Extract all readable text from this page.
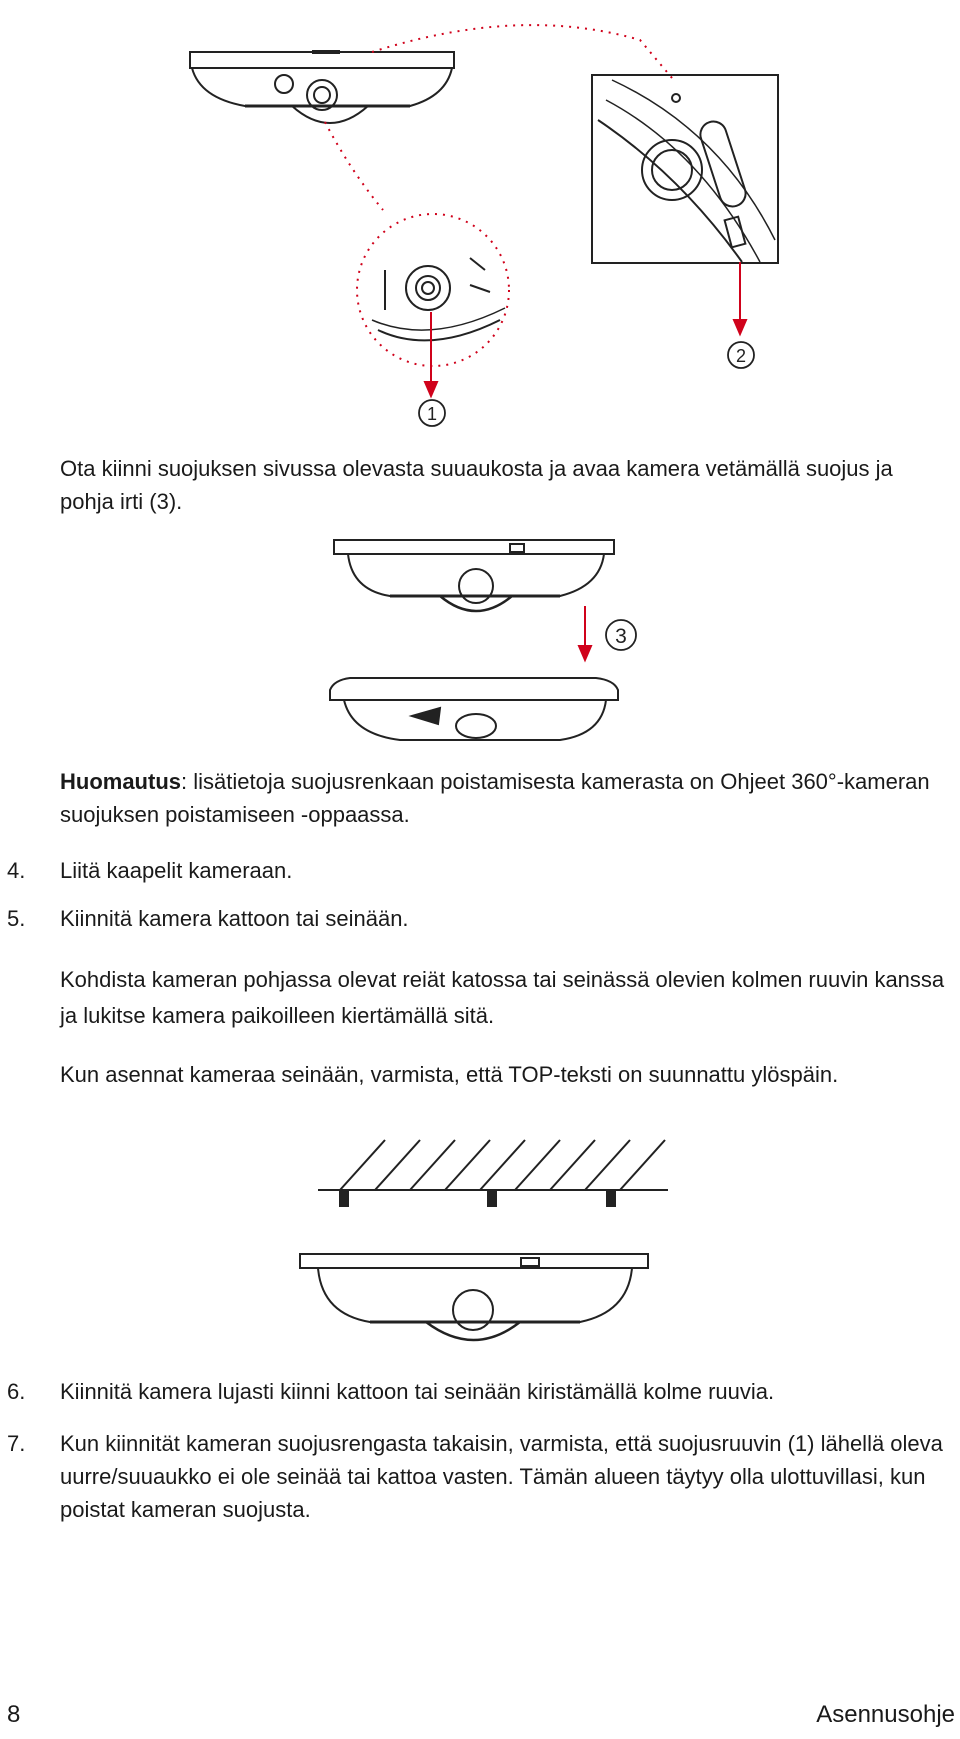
1
2

Ota kiinni suojuksen sivussa olevasta suuaukosta ja avaa kamera vetämällä suojus ja pohja irti (3).

3

Huomautus: lisätietoja suojusrenkaan poistamisesta kamerasta on Ohjeet 360°-kameran suojuksen poistamiseen -oppaassa.

4. Liitä kaapelit kameraan.

5. Kiinnitä kamera kattoon tai seinään.

Kohdista kameran pohjassa olevat reiät katossa tai seinässä olevien kolmen ruuvin kanssa ja lukitse kamera paikoilleen kiertämällä sitä.

Kun asennat kameraa seinään, varmista, että TOP-teksti on suunnattu ylöspäin.

6. Kiinnitä kamera lujasti kiinni kattoon tai seinään kiristämällä kolme ruuvia.

7. Kun kiinnität kameran suojusrengasta takaisin, varmista, että suojusruuvin (1) lähellä oleva uurre/suuaukko ei ole seinää tai kattoa vasten. Tämän alueen täytyy olla ulottuvillasi, kun poistat kameran suojusta.

8	Asennusohje
